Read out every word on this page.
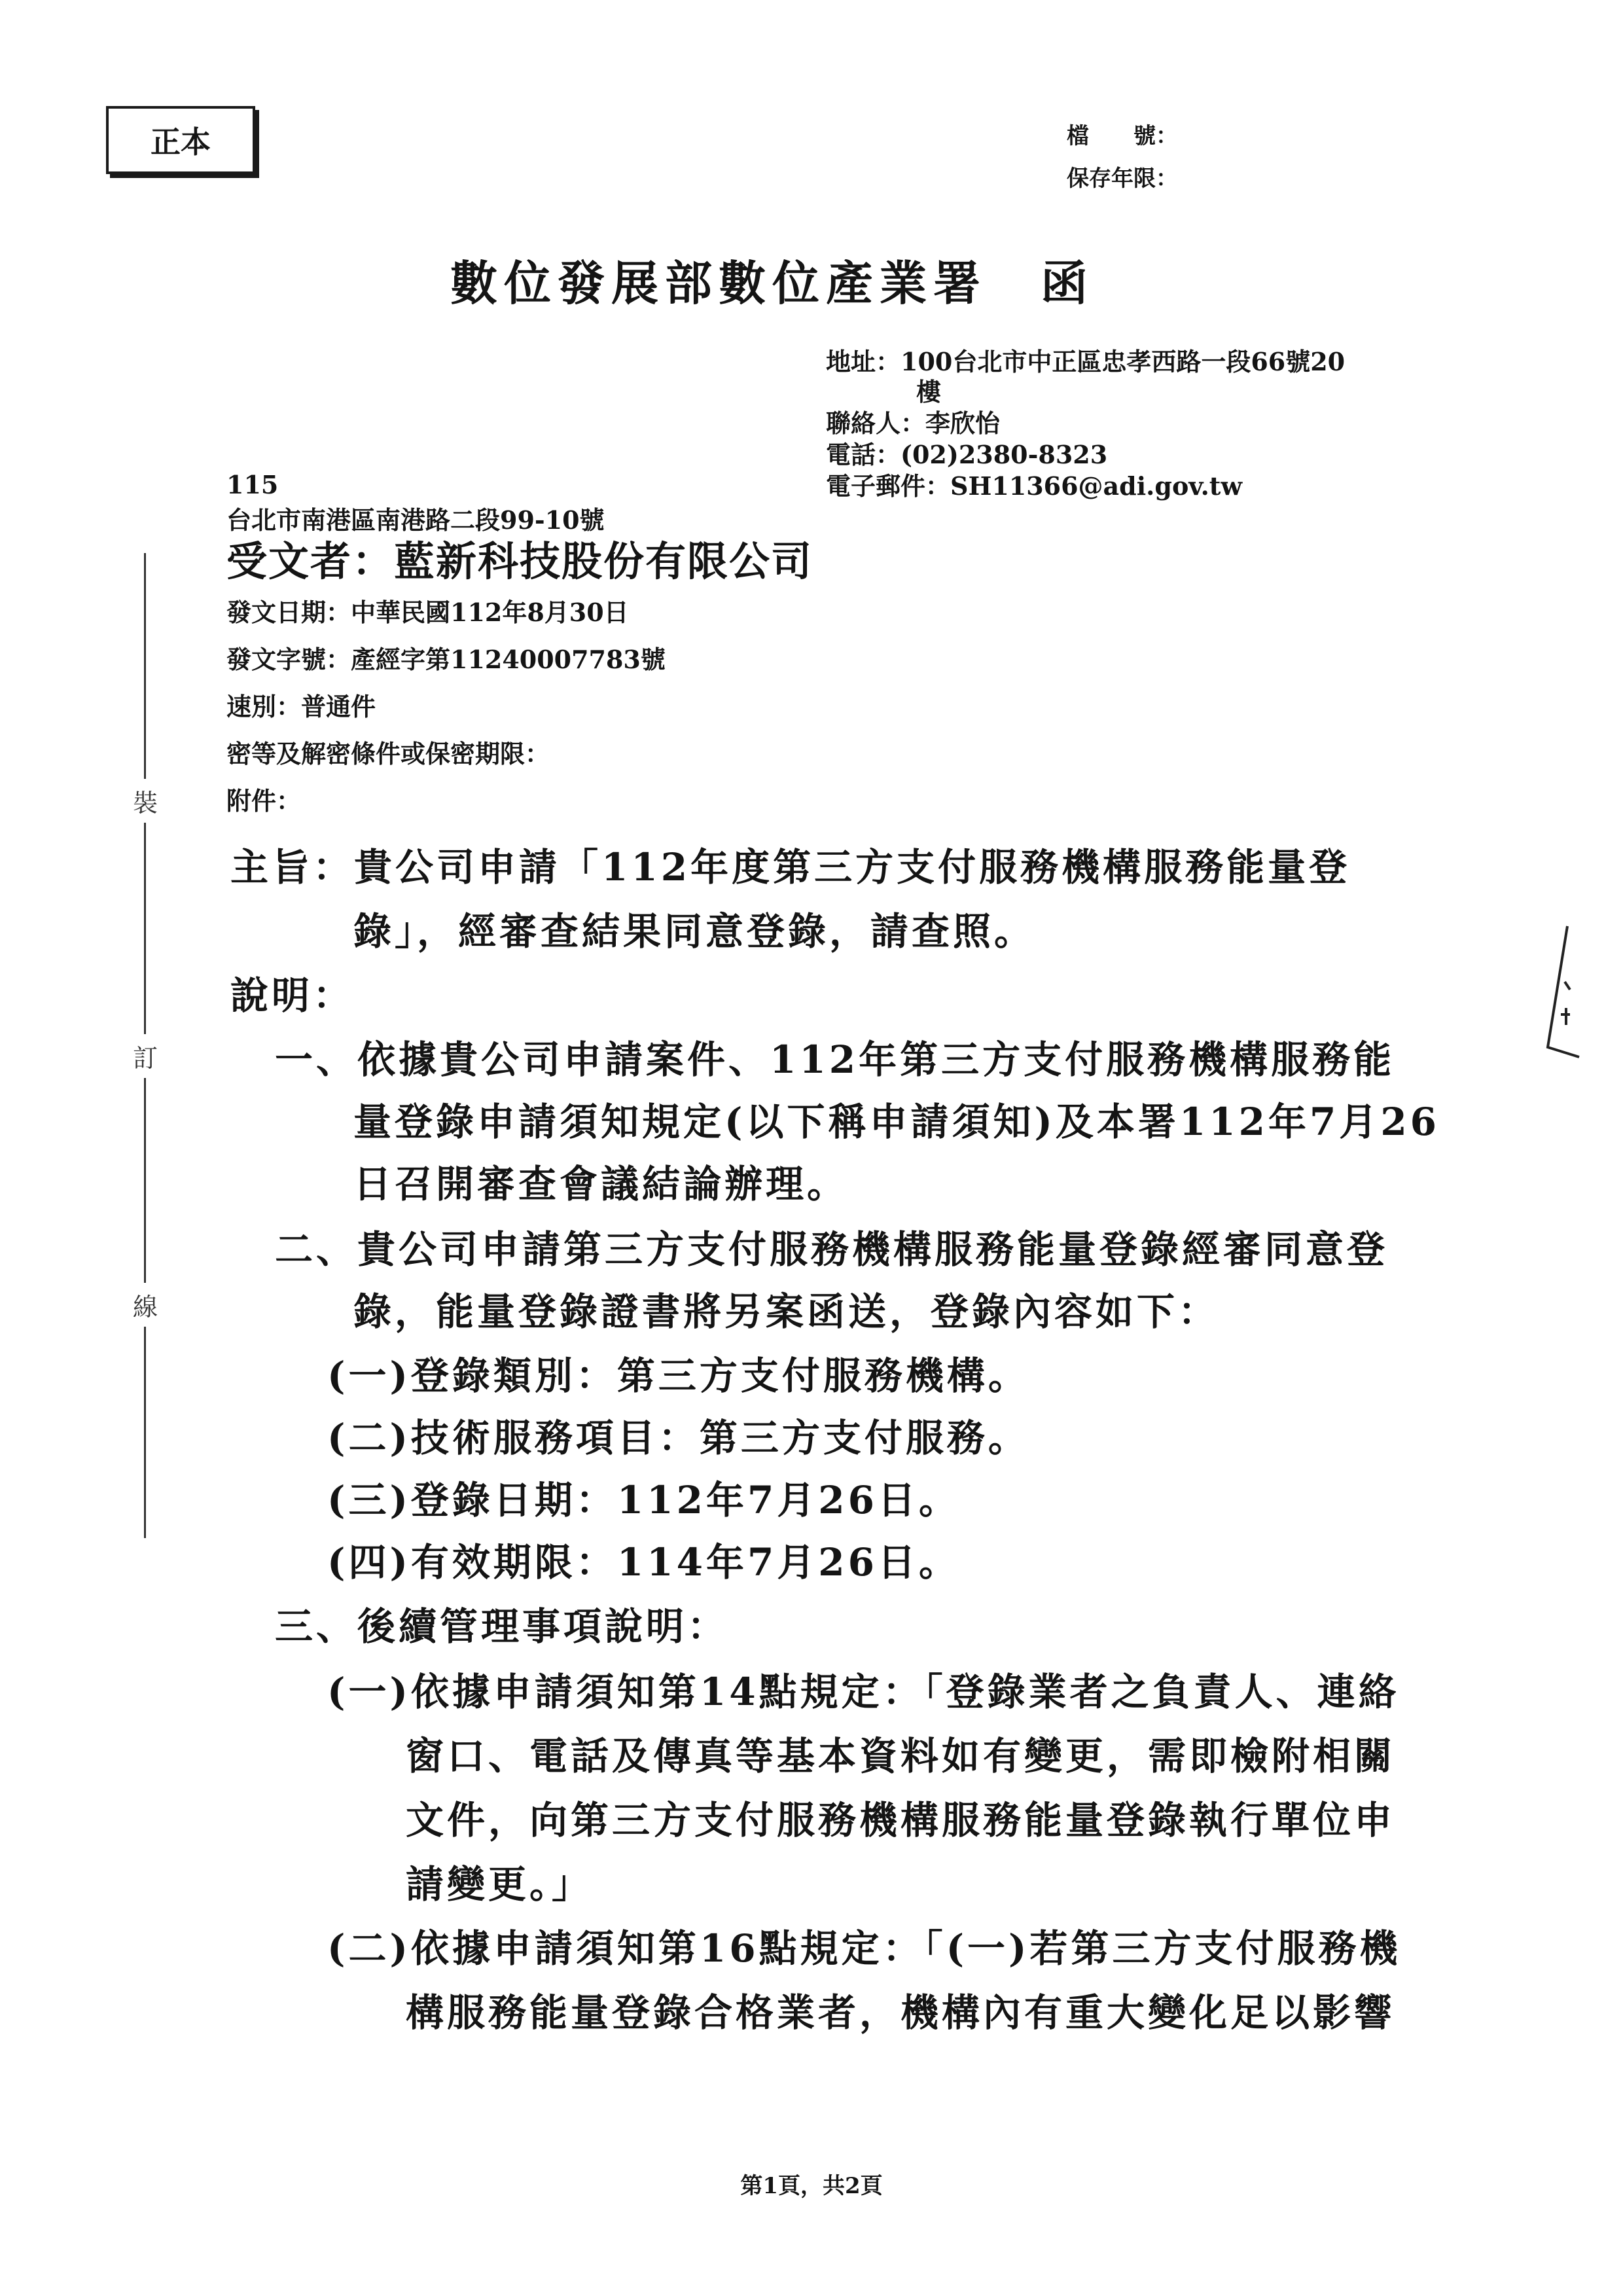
正本	檔　　號：
保存年限：
數位發展部數位產業署　函
地址：100台北市中正區忠孝西路一段66號20
樓
聯絡人：李欣怡
電話：(02)2380-8323
電子郵件：SH11366@adi.gov.tw
115
台北市南港區南港路二段99-10號
受文者：藍新科技股份有限公司
發文日期：中華民國112年8月30日
發文字號：產經字第11240007783號
速別：普通件
密等及解密條件或保密期限：
附件：
主旨：貴公司申請「112年度第三方支付服務機構服務能量登
錄」，經審查結果同意登錄，請查照。
說明：
一、依據貴公司申請案件、112年第三方支付服務機構服務能
量登錄申請須知規定(以下稱申請須知)及本署112年7月26
日召開審查會議結論辦理。
二、貴公司申請第三方支付服務機構服務能量登錄經審同意登
錄，能量登錄證書將另案函送，登錄內容如下：
(一)登錄類別：第三方支付服務機構。
(二)技術服務項目：第三方支付服務。
(三)登錄日期：112年7月26日。
(四)有效期限：114年7月26日。
三、後續管理事項說明：
(一)依據申請須知第14點規定：「登錄業者之負責人、連絡
窗口、電話及傳真等基本資料如有變更，需即檢附相關
文件，向第三方支付服務機構服務能量登錄執行單位申
請變更。」
(二)依據申請須知第16點規定：「(一)若第三方支付服務機
構服務能量登錄合格業者，機構內有重大變化足以影響
裝
訂
線
第1頁，共2頁
